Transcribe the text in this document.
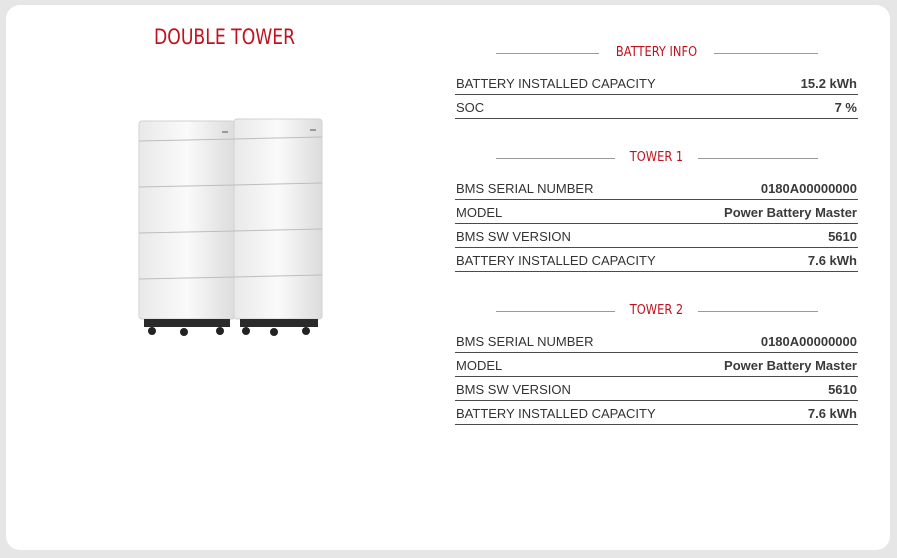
DOUBLE TOWER
BATTERY INFO
BATTERY INSTALLED CAPACITY	15.2 kWh
SOC	7 %
TOWER 1
BMS SERIAL NUMBER	0180A00000000
MODEL	Power Battery Master
BMS SW VERSION	5610
BATTERY INSTALLED CAPACITY	7.6 kWh
TOWER 2
BMS SERIAL NUMBER	0180A00000000
MODEL	Power Battery Master
BMS SW VERSION	5610
BATTERY INSTALLED CAPACITY	7.6 kWh
